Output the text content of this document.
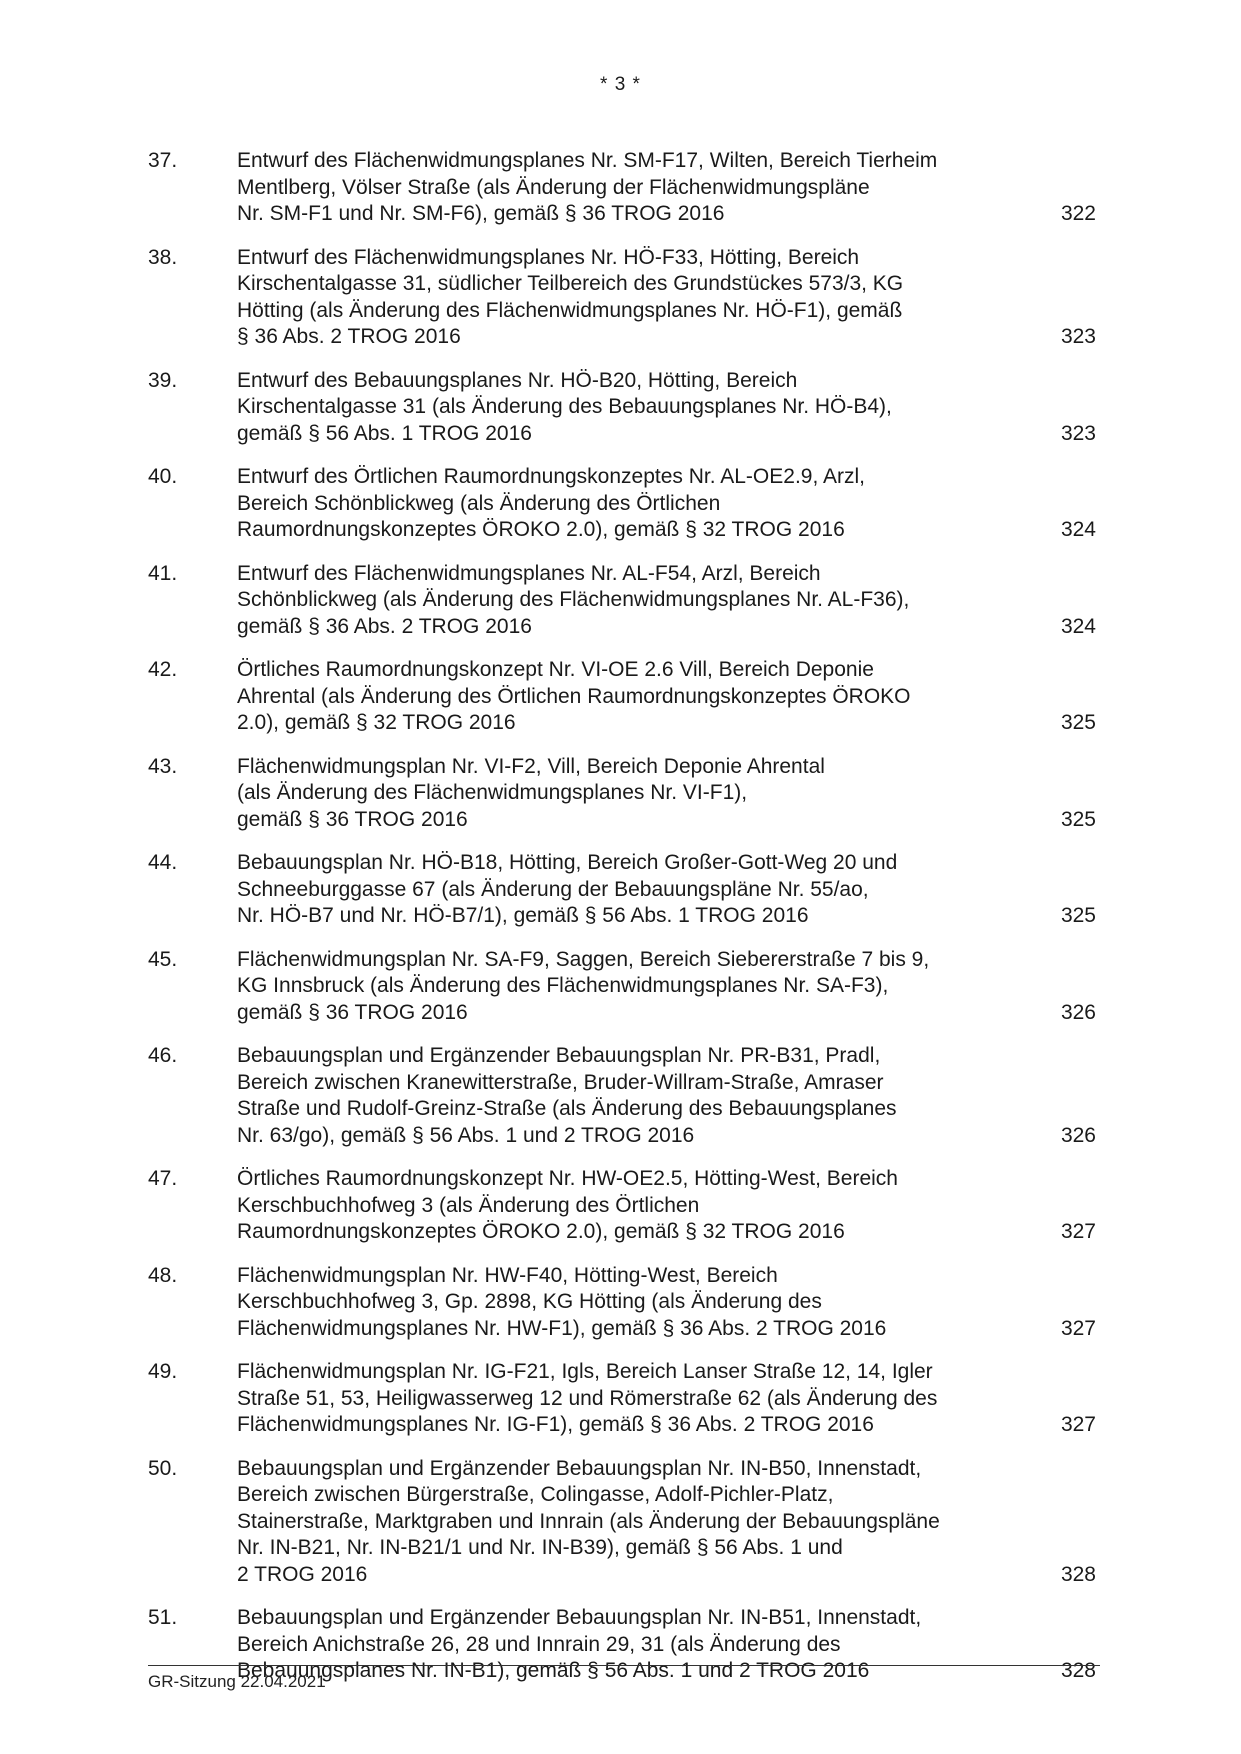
* 3 *
37.	Entwurf des Flächenwidmungsplanes Nr. SM-F17, Wilten, Bereich Tierheim
Mentlberg, Völser Straße (als Änderung der Flächenwidmungspläne
Nr. SM-F1 und Nr. SM-F6), gemäß § 36 TROG 2016	322
38.	Entwurf des Flächenwidmungsplanes Nr. HÖ-F33, Hötting, Bereich
Kirschentalgasse 31, südlicher Teilbereich des Grundstückes 573/3, KG
Hötting (als Änderung des Flächenwidmungsplanes Nr. HÖ-F1), gemäß
§ 36 Abs. 2 TROG 2016	323
39.	Entwurf des Bebauungsplanes Nr. HÖ-B20, Hötting, Bereich
Kirschentalgasse 31 (als Änderung des Bebauungsplanes Nr. HÖ-B4),
gemäß § 56 Abs. 1 TROG 2016	323
40.	Entwurf des Örtlichen Raumordnungskonzeptes Nr. AL-OE2.9, Arzl,
Bereich Schönblickweg (als Änderung des Örtlichen
Raumordnungskonzeptes ÖROKO 2.0), gemäß § 32 TROG 2016	324
41.	Entwurf des Flächenwidmungsplanes Nr. AL-F54, Arzl, Bereich
Schönblickweg (als Änderung des Flächenwidmungsplanes Nr. AL-F36),
gemäß § 36 Abs. 2 TROG 2016	324
42.	Örtliches Raumordnungskonzept Nr. VI-OE 2.6 Vill, Bereich Deponie
Ahrental (als Änderung des Örtlichen Raumordnungskonzeptes ÖROKO
2.0), gemäß § 32 TROG 2016	325
43.	Flächenwidmungsplan Nr. VI-F2, Vill, Bereich Deponie Ahrental
(als Änderung des Flächenwidmungsplanes Nr. VI-F1),
gemäß § 36 TROG 2016	325
44.	Bebauungsplan Nr. HÖ-B18, Hötting, Bereich Großer-Gott-Weg 20 und
Schneeburggasse 67 (als Änderung der Bebauungspläne Nr. 55/ao,
Nr. HÖ-B7 und Nr. HÖ-B7/1), gemäß § 56 Abs. 1 TROG 2016	325
45.	Flächenwidmungsplan Nr. SA-F9, Saggen, Bereich Siebererstraße 7 bis 9,
KG Innsbruck (als Änderung des Flächenwidmungsplanes Nr. SA-F3),
gemäß § 36 TROG 2016	326
46.	Bebauungsplan und Ergänzender Bebauungsplan Nr. PR-B31, Pradl,
Bereich zwischen Kranewitterstraße, Bruder-Willram-Straße, Amraser
Straße und Rudolf-Greinz-Straße (als Änderung des Bebauungsplanes
Nr. 63/go), gemäß § 56 Abs. 1 und 2 TROG 2016	326
47.	Örtliches Raumordnungskonzept Nr. HW-OE2.5, Hötting-West, Bereich
Kerschbuchhofweg 3 (als Änderung des Örtlichen
Raumordnungskonzeptes ÖROKO 2.0), gemäß § 32 TROG 2016	327
48.	Flächenwidmungsplan Nr. HW-F40, Hötting-West, Bereich
Kerschbuchhofweg 3, Gp. 2898, KG Hötting (als Änderung des
Flächenwidmungsplanes Nr. HW-F1), gemäß § 36 Abs. 2 TROG 2016	327
49.	Flächenwidmungsplan Nr. IG-F21, Igls, Bereich Lanser Straße 12, 14, Igler
Straße 51, 53, Heiligwasserweg 12 und Römerstraße 62 (als Änderung des
Flächenwidmungsplanes Nr. IG-F1), gemäß § 36 Abs. 2 TROG 2016	327
50.	Bebauungsplan und Ergänzender Bebauungsplan Nr. IN-B50, Innenstadt,
Bereich zwischen Bürgerstraße, Colingasse, Adolf-Pichler-Platz,
Stainerstraße, Marktgraben und Innrain (als Änderung der Bebauungspläne
Nr. IN-B21, Nr. IN-B21/1 und Nr. IN-B39), gemäß § 56 Abs. 1 und
2 TROG 2016	328
51.	Bebauungsplan und Ergänzender Bebauungsplan Nr. IN-B51, Innenstadt,
Bereich Anichstraße 26, 28 und Innrain 29, 31 (als Änderung des
Bebauungsplanes Nr. IN-B1), gemäß § 56 Abs. 1 und 2 TROG 2016	328
GR-Sitzung 22.04.2021
